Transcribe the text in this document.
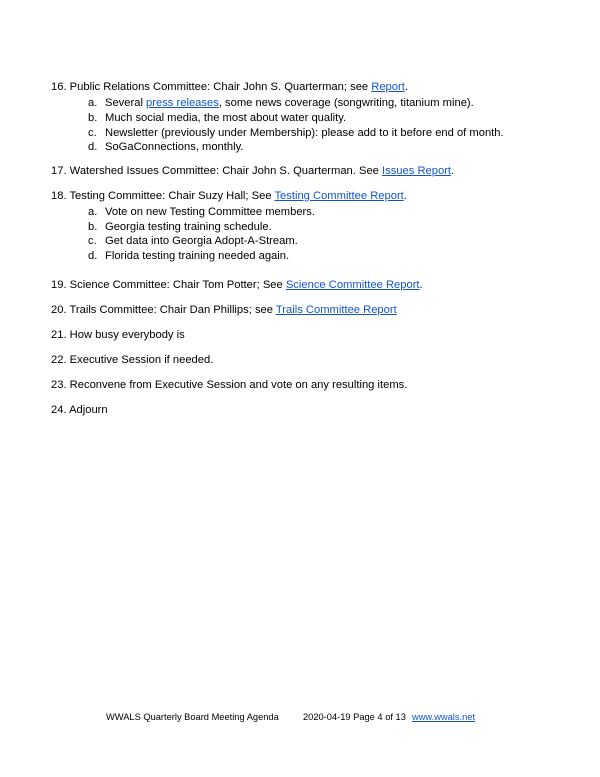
16. Public Relations Committee: Chair John S. Quarterman; see Report.
a. Several press releases, some news coverage (songwriting, titanium mine).
b. Much social media, the most about water quality.
c. Newsletter (previously under Membership): please add to it before end of month.
d. SoGaConnections, monthly.
17. Watershed Issues Committee: Chair John S. Quarterman. See Issues Report.
18. Testing Committee: Chair Suzy Hall; See Testing Committee Report.
a. Vote on new Testing Committee members.
b. Georgia testing training schedule.
c. Get data into Georgia Adopt-A-Stream.
d. Florida testing training needed again.
19. Science Committee: Chair Tom Potter; See Science Committee Report.
20. Trails Committee: Chair Dan Phillips; see Trails Committee Report
21. How busy everybody is
22. Executive Session if needed.
23. Reconvene from Executive Session and vote on any resulting items.
24. Adjourn
WWALS Quarterly Board Meeting Agenda	2020-04-19 Page 4 of 13 www.wwals.net
